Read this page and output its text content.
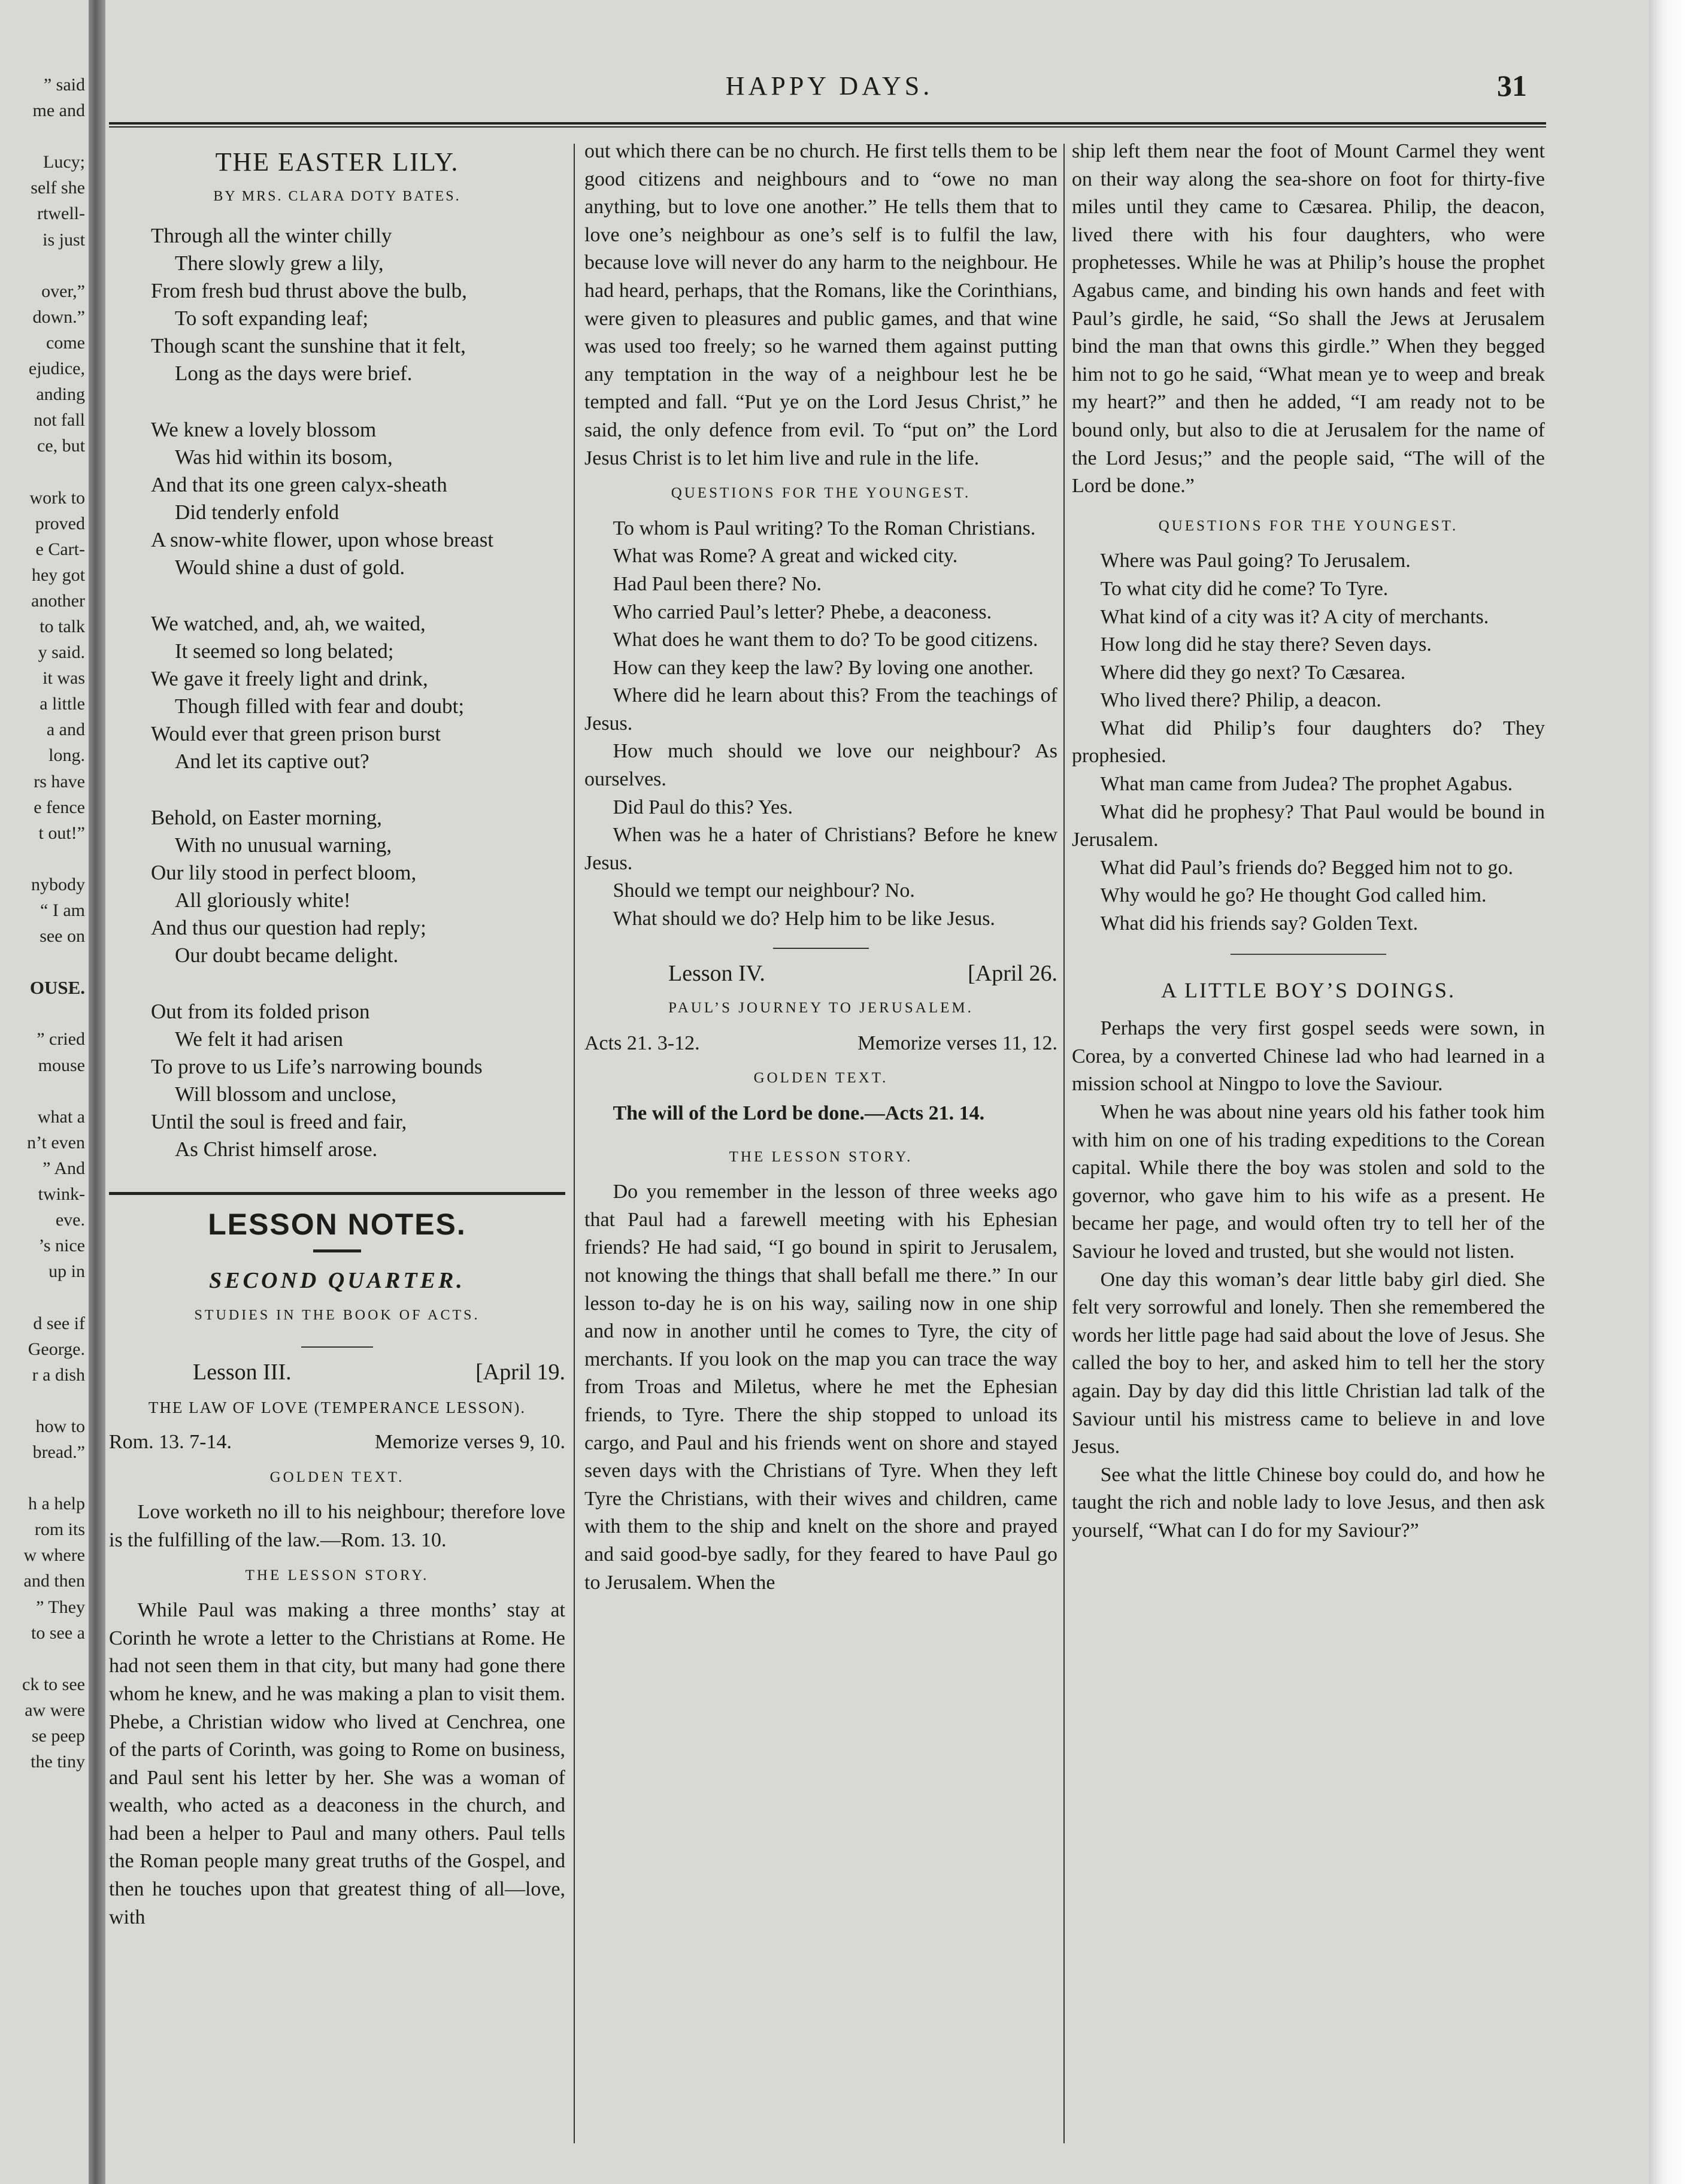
” said
me and
Lucy;
self she
rtwell-
is just
over,”
down.”
come
ejudice,
anding
not fall
ce, but
work to
proved
e Cart-
hey got
another
to talk
y said.
it was
a little
a and
long.
rs have
e fence
t out!”
nybody
“ I am
see on
OUSE.
” cried
mouse
what a
n’t even
” And
twink-
eve.
’s nice
up in
d see if
George.
r a dish
how to
bread.”
h a help
rom its
w where
and then
” They
to see a
ck to see
aw were
se peep
the tiny
HAPPY DAYS.	31
THE EASTER LILY.
BY MRS. CLARA DOTY BATES.
Through all the winter chilly
There slowly grew a lily,
From fresh bud thrust above the bulb,
To soft expanding leaf;
Though scant the sunshine that it felt,
Long as the days were brief.
We knew a lovely blossom
Was hid within its bosom,
And that its one green calyx-sheath
Did tenderly enfold
A snow-white flower, upon whose breast
Would shine a dust of gold.
We watched, and, ah, we waited,
It seemed so long belated;
We gave it freely light and drink,
Though filled with fear and doubt;
Would ever that green prison burst
And let its captive out?
Behold, on Easter morning,
With no unusual warning,
Our lily stood in perfect bloom,
All gloriously white!
And thus our question had reply;
Our doubt became delight.
Out from its folded prison
We felt it had arisen
To prove to us Life’s narrowing bounds
Will blossom and unclose,
Until the soul is freed and fair,
As Christ himself arose.
LESSON NOTES.
SECOND QUARTER.
STUDIES IN THE BOOK OF ACTS.
Lesson III.	[April 19.
THE LAW OF LOVE (TEMPERANCE LESSON).
Rom. 13. 7-14.	Memorize verses 9, 10.
GOLDEN TEXT.

Love worketh no ill to his neighbour; therefore love is the fulfilling of the law.—Rom. 13. 10.

THE LESSON STORY.

While Paul was making a three months’ stay at Corinth he wrote a letter to the Christians at Rome. He had not seen them in that city, but many had gone there whom he knew, and he was making a plan to visit them. Phebe, a Christian widow who lived at Cenchrea, one of the parts of Corinth, was going to Rome on business, and Paul sent his letter by her. She was a woman of wealth, who acted as a deaconess in the church, and had been a helper to Paul and many others. Paul tells the Roman people many great truths of the Gospel, and then he touches upon that greatest thing of all—love, with

out which there can be no church. He first tells them to be good citizens and neighbours and to “owe no man anything, but to love one another.” He tells them that to love one’s neighbour as one’s self is to fulfil the law, because love will never do any harm to the neighbour. He had heard, perhaps, that the Romans, like the Corinthians, were given to pleasures and public games, and that wine was used too freely; so he warned them against putting any temptation in the way of a neighbour lest he be tempted and fall. “Put ye on the Lord Jesus Christ,” he said, the only defence from evil. To “put on” the Lord Jesus Christ is to let him live and rule in the life.

QUESTIONS FOR THE YOUNGEST.

To whom is Paul writing? To the Roman Christians.

What was Rome? A great and wicked city.

Had Paul been there? No.

Who carried Paul’s letter? Phebe, a deaconess.

What does he want them to do? To be good citizens.

How can they keep the law? By loving one another.

Where did he learn about this? From the teachings of Jesus.

How much should we love our neighbour? As ourselves.

Did Paul do this? Yes.

When was he a hater of Christians? Before he knew Jesus.

Should we tempt our neighbour? No.

What should we do? Help him to be like Jesus.

Lesson IV.	[April 26.
PAUL’S JOURNEY TO JERUSALEM.
Acts 21. 3-12.	Memorize verses 11, 12.
GOLDEN TEXT.

The will of the Lord be done.—Acts 21. 14.

THE LESSON STORY.

Do you remember in the lesson of three weeks ago that Paul had a farewell meeting with his Ephesian friends? He had said, “I go bound in spirit to Jerusalem, not knowing the things that shall befall me there.” In our lesson to-day he is on his way, sailing now in one ship and now in another until he comes to Tyre, the city of merchants. If you look on the map you can trace the way from Troas and Miletus, where he met the Ephesian friends, to Tyre. There the ship stopped to unload its cargo, and Paul and his friends went on shore and stayed seven days with the Christians of Tyre. When they left Tyre the Christians, with their wives and children, came with them to the ship and knelt on the shore and prayed and said good-bye sadly, for they feared to have Paul go to Jerusalem. When the

ship left them near the foot of Mount Carmel they went on their way along the sea-shore on foot for thirty-five miles until they came to Cæsarea. Philip, the deacon, lived there with his four daughters, who were prophetesses. While he was at Philip’s house the prophet Agabus came, and binding his own hands and feet with Paul’s girdle, he said, “So shall the Jews at Jerusalem bind the man that owns this girdle.” When they begged him not to go he said, “What mean ye to weep and break my heart?” and then he added, “I am ready not to be bound only, but also to die at Jerusalem for the name of the Lord Jesus;” and the people said, “The will of the Lord be done.”

QUESTIONS FOR THE YOUNGEST.

Where was Paul going? To Jerusalem.

To what city did he come? To Tyre.

What kind of a city was it? A city of merchants.

How long did he stay there? Seven days.

Where did they go next? To Cæsarea.

Who lived there? Philip, a deacon.

What did Philip’s four daughters do? They prophesied.

What man came from Judea? The prophet Agabus.

What did he prophesy? That Paul would be bound in Jerusalem.

What did Paul’s friends do? Begged him not to go.

Why would he go? He thought God called him.

What did his friends say? Golden Text.

A LITTLE BOY’S DOINGS.

Perhaps the very first gospel seeds were sown, in Corea, by a converted Chinese lad who had learned in a mission school at Ningpo to love the Saviour.

When he was about nine years old his father took him with him on one of his trading expeditions to the Corean capital. While there the boy was stolen and sold to the governor, who gave him to his wife as a present. He became her page, and would often try to tell her of the Saviour he loved and trusted, but she would not listen.

One day this woman’s dear little baby girl died. She felt very sorrowful and lonely. Then she remembered the words her little page had said about the love of Jesus. She called the boy to her, and asked him to tell her the story again. Day by day did this little Christian lad talk of the Saviour until his mistress came to believe in and love Jesus.

See what the little Chinese boy could do, and how he taught the rich and noble lady to love Jesus, and then ask yourself, “What can I do for my Saviour?”
